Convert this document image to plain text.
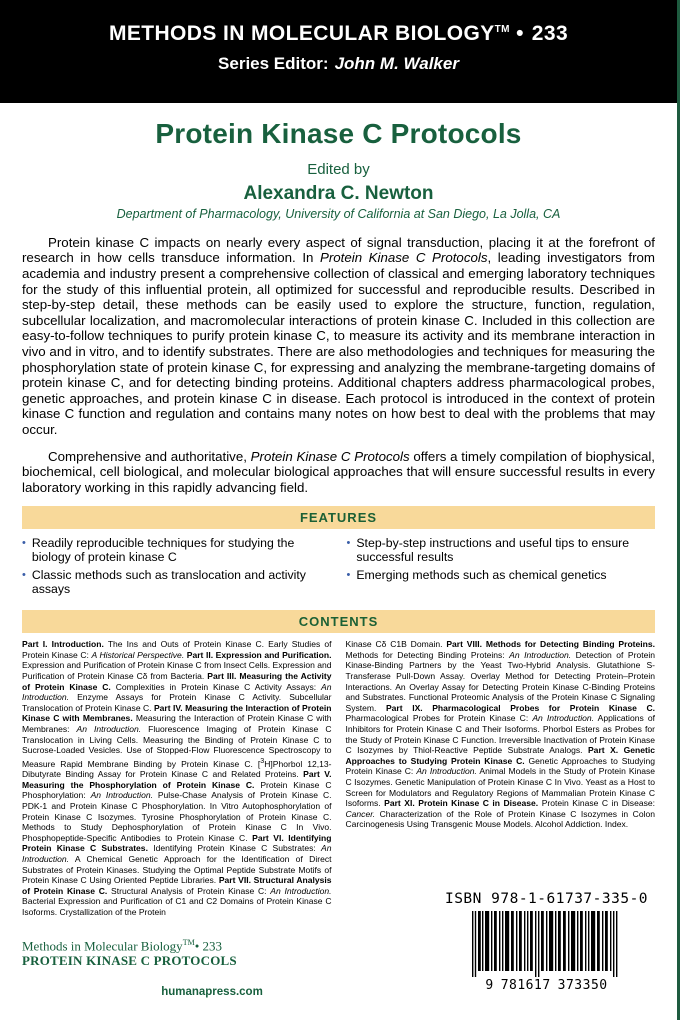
METHODS IN MOLECULAR BIOLOGY™ • 233
Series Editor: John M. Walker
Protein Kinase C Protocols
Edited by
Alexandra C. Newton
Department of Pharmacology, University of California at San Diego, La Jolla, CA

Protein kinase C impacts on nearly every aspect of signal transduction, placing it at the forefront of research in how cells transduce information. In Protein Kinase C Protocols, leading investigators from academia and industry present a comprehensive collection of classical and emerging laboratory techniques for the study of this influential protein, all optimized for successful and reproducible results. Described in step-by-step detail, these methods can be easily used to explore the structure, function, regulation, subcellular localization, and macromolecular interactions of protein kinase C. Included in this collection are easy-to-follow techniques to purify protein kinase C, to measure its activity and its membrane interaction in vivo and in vitro, and to identify substrates. There are also methodologies and techniques for measuring the phosphorylation state of protein kinase C, for expressing and analyzing the membrane-targeting domains of protein kinase C, and for detecting binding proteins. Additional chapters address pharmacological probes, genetic approaches, and protein kinase C in disease. Each protocol is introduced in the context of protein kinase C function and regulation and contains many notes on how best to deal with the problems that may occur.

Comprehensive and authoritative, Protein Kinase C Protocols offers a timely compilation of biophysical, biochemical, cell biological, and molecular biological approaches that will ensure successful results in every laboratory working in this rapidly advancing field.

FEATURES
• Readily reproducible techniques for studying the biology of protein kinase C
• Classic methods such as translocation and activity assays
• Step-by-step instructions and useful tips to ensure successful results
• Emerging methods such as chemical genetics
CONTENTS
Part I. Introduction. The Ins and Outs of Protein Kinase C. Early Studies of Protein Kinase C: A Historical Perspective. Part II. Expression and Purification. Expression and Purification of Protein Kinase C from Insect Cells. Expression and Purification of Protein Kinase Cδ from Bacteria. Part III. Measuring the Activity of Protein Kinase C. Complexities in Protein Kinase C Activity Assays: An Introduction. Enzyme Assays for Protein Kinase C Activity. Subcellular Translocation of Protein Kinase C. Part IV. Measuring the Interaction of Protein Kinase C with Membranes. Measuring the Interaction of Protein Kinase C with Membranes: An Introduction. Fluorescence Imaging of Protein Kinase C Translocation in Living Cells. Measuring the Binding of Protein Kinase C to Sucrose-Loaded Vesicles. Use of Stopped-Flow Fluorescence Spectroscopy to Measure Rapid Membrane Binding by Protein Kinase C. [$^3$H]Phorbol 12,13-Dibutyrate Binding Assay for Protein Kinase C and Related Proteins. Part V. Measuring the Phosphorylation of Protein Kinase C. Protein Kinase C Phosphorylation: An Introduction. Pulse-Chase Analysis of Protein Kinase C. PDK-1 and Protein Kinase C Phosphorylation. In Vitro Autophosphorylation of Protein Kinase C Isozymes. Tyrosine Phosphorylation of Protein Kinase C. Methods to Study Dephosphorylation of Protein Kinase C In Vivo. Phosphopeptide-Specific Antibodies to Protein Kinase C. Part VI. Identifying Protein Kinase C Substrates. Identifying Protein Kinase C Substrates: An Introduction. A Chemical Genetic Approach for the Identification of Direct Substrates of Protein Kinases. Studying the Optimal Peptide Substrate Motifs of Protein Kinase C Using Oriented Peptide Libraries. Part VII. Structural Analysis of Protein Kinase C. Structural Analysis of Protein Kinase C: An Introduction. Bacterial Expression and Purification of C1 and C2 Domains of Protein Kinase C Isoforms. Crystallization of the Protein
Kinase Cδ C1B Domain. Part VIII. Methods for Detecting Binding Proteins. Methods for Detecting Binding Proteins: An Introduction. Detection of Protein Kinase-Binding Partners by the Yeast Two-Hybrid Analysis. Glutathione S-Transferase Pull-Down Assay. Overlay Method for Detecting Protein–Protein Interactions. An Overlay Assay for Detecting Protein Kinase C-Binding Proteins and Substrates. Functional Proteomic Analysis of the Protein Kinase C Signaling System. Part IX. Pharmacological Probes for Protein Kinase C. Pharmacological Probes for Protein Kinase C: An Introduction. Applications of Inhibitors for Protein Kinase C and Their Isoforms. Phorbol Esters as Probes for the Study of Protein Kinase C Function. Irreversible Inactivation of Protein Kinase C Isozymes by Thiol-Reactive Peptide Substrate Analogs. Part X. Genetic Approaches to Studying Protein Kinase C. Genetic Approaches to Studying Protein Kinase C: An Introduction. Animal Models in the Study of Protein Kinase C Isozymes. Genetic Manipulation of Protein Kinase C In Vivo. Yeast as a Host to Screen for Modulators and Regulatory Regions of Mammalian Protein Kinase C Isoforms. Part XI. Protein Kinase C in Disease. Protein Kinase C in Disease: Cancer. Characterization of the Role of Protein Kinase C Isozymes in Colon Carcinogenesis Using Transgenic Mouse Models. Alcohol Addiction. Index.
Methods in Molecular Biology™• 233
PROTEIN KINASE C PROTOCOLS
humanapress.com
ISBN 978-1-61737-335-0
9 781617 373350
